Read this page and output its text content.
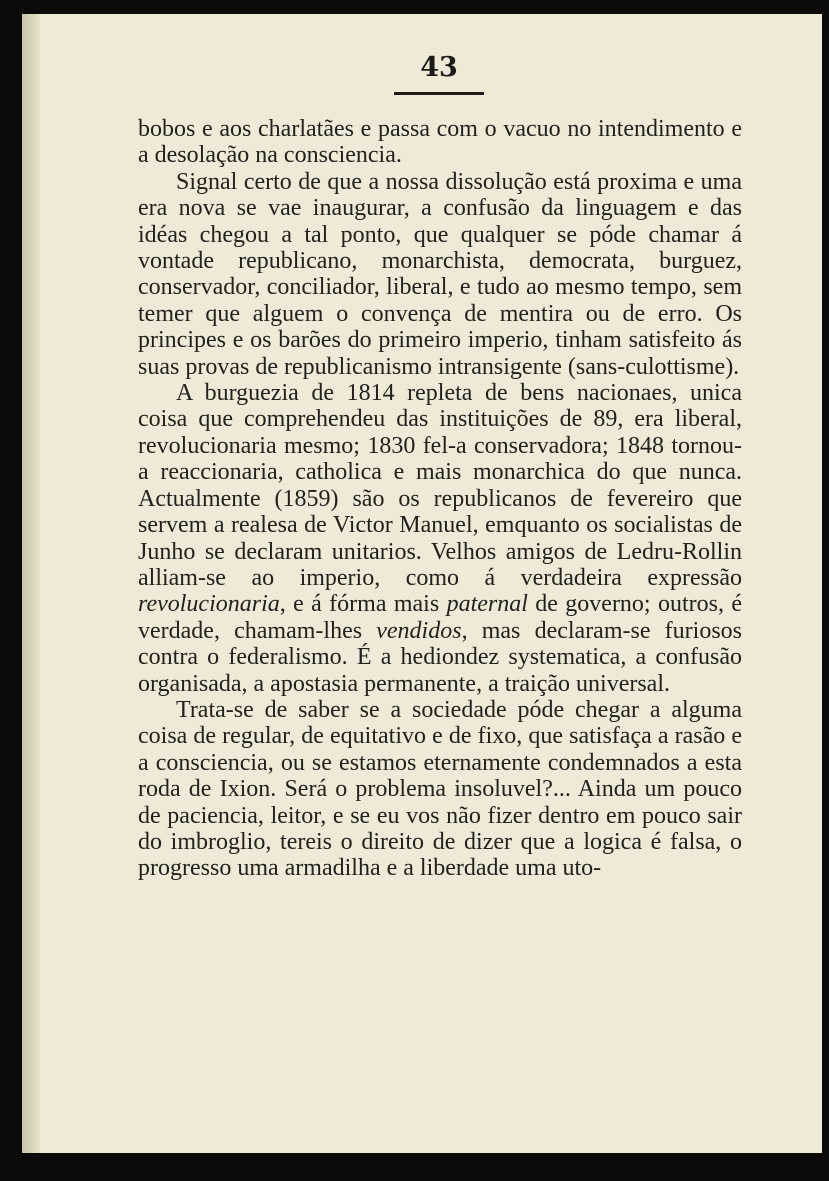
43

bobos e aos charlatães e passa com o vacuo no intendimento e a desolação na consciencia.

Signal certo de que a nossa dissolução está proxima e uma era nova se vae inaugurar, a confusão da linguagem e das idéas chegou a tal ponto, que qualquer se póde chamar á vontade republicano, monarchista, democrata, burguez, conservador, conciliador, liberal, e tudo ao mesmo tempo, sem temer que alguem o convença de mentira ou de erro. Os principes e os barões do primeiro imperio, tinham satisfeito ás suas provas de republicanismo intransigente (sans-culottisme).

A burguezia de 1814 repleta de bens nacionaes, unica coisa que comprehendeu das instituições de 89, era liberal, revolucionaria mesmo; 1830 fel-a conservadora; 1848 tornou-a reaccionaria, catholica e mais monarchica do que nunca. Actualmente (1859) são os republicanos de fevereiro que servem a realesa de Victor Manuel, emquanto os socialistas de Junho se declaram unitarios. Velhos amigos de Ledru-Rollin alliam-se ao imperio, como á verdadeira expressão revolucionaria, e á fórma mais paternal de governo; outros, é verdade, chamam-lhes vendidos, mas declaram-se furiosos contra o federalismo. É a hediondez systematica, a confusão organisada, a apostasia permanente, a traição universal.

Trata-se de saber se a sociedade póde chegar a alguma coisa de regular, de equitativo e de fixo, que satisfaça a rasão e a consciencia, ou se estamos eternamente condemnados a esta roda de Ixion. Será o problema insoluvel?... Ainda um pouco de paciencia, leitor, e se eu vos não fizer dentro em pouco sair do imbroglio, tereis o direito de dizer que a logica é falsa, o progresso uma armadilha e a liberdade uma uto-
